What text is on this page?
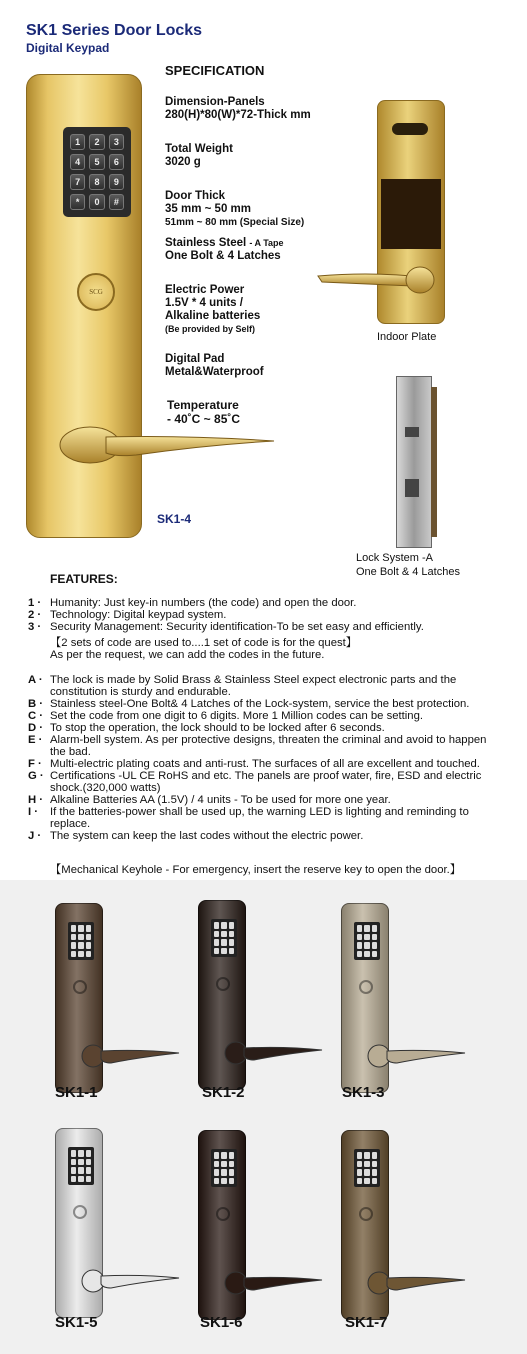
SK1 Series Door Locks
Digital Keypad
1	2	3
4	5	6
7	8	9
*	0	#
SCG
SPECIFICATION
Dimension-Panels
280(H)*80(W)*72-Thick mm
Total Weight
3020 g
Door Thick
35 mm ~ 50 mm
51mm ~ 80 mm (Special Size)
Stainless Steel - A Tape
One Bolt & 4 Latches
Electric Power
1.5V * 4 units /
Alkaline batteries
(Be provided by Self)
Digital Pad
Metal&Waterproof
Temperature
- 40˚C ~ 85˚C
SK1-4
Indoor Plate
Lock System -A
One Bolt & 4 Latches
FEATURES:
1 · Humanity: Just key-in numbers (the code) and open the door.
2 · Technology: Digital keypad system.
3 · Security Management: Security identification-To be set easy and efficiently.
【2 sets of code are used to....1 set of code is for the quest】
As per the request, we can add the codes in the future.
A · The lock is made by Solid Brass & Stainless Steel expect electronic parts and the constitution is sturdy and endurable.
B · Stainless steel-One Bolt& 4 Latches of the Lock-system, service the best protection.
C · Set the code from one digit to 6 digits. More 1 Million codes can be setting.
D · To stop the operation, the lock should to be locked after 6 seconds.
E · Alarm-bell system. As per protective designs, threaten the criminal and avoid to happen the bad.
F · Multi-electric plating coats and anti-rust. The surfaces of all are excellent and touched.
G · Certifications -UL CE RoHS and etc. The panels are proof water, fire, ESD and electric shock.(320,000 watts)
H · Alkaline Batteries AA (1.5V) / 4 units - To be used for more one year.
I · If the batteries-power shall be used up, the warning LED is lighting and reminding to replace.
J · The system can keep the last codes without the electric power.
【Mechanical Keyhole - For emergency, insert the reserve key to open the door.】
SK1-1	SK1-2	SK1-3
SK1-5	SK1-6	SK1-7
